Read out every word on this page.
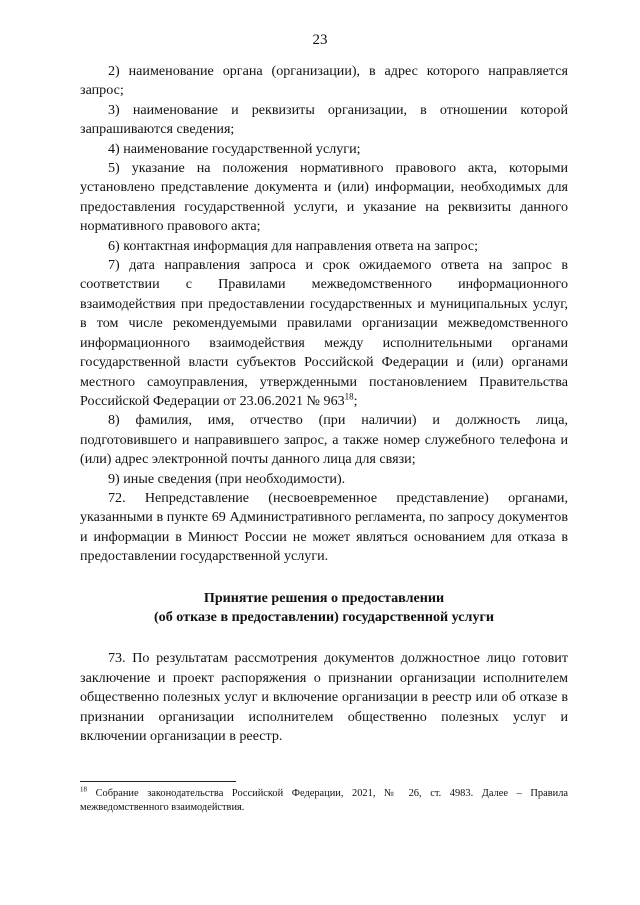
23

2) наименование органа (организации), в адрес которого направляется запрос;

3) наименование и реквизиты организации, в отношении которой запрашиваются сведения;

4) наименование государственной услуги;

5) указание на положения нормативного правового акта, которыми установлено представление документа и (или) информации, необходимых для предоставления государственной услуги, и указание на реквизиты данного нормативного правового акта;

6) контактная информация для направления ответа на запрос;

7) дата направления запроса и срок ожидаемого ответа на запрос в соответствии с Правилами межведомственного информационного взаимодействия при предоставлении государственных и муниципальных услуг, в том числе рекомендуемыми правилами организации межведомственного информационного взаимодействия между исполнительными органами государственной власти субъектов Российской Федерации и (или) органами местного самоуправления, утвержденными постановлением Правительства Российской Федерации от 23.06.2021 № $963^{18}$;

8) фамилия, имя, отчество (при наличии) и должность лица, подготовившего и направившего запрос, а также номер служебного телефона и (или) адрес электронной почты данного лица для связи;

9) иные сведения (при необходимости).

72. Непредставление (несвоевременное представление) органами, указанными в пункте 69 Административного регламента, по запросу документов и информации в Минюст России не может являться основанием для отказа в предоставлении государственной услуги.

Принятие решения о предоставлении
(об отказе в предоставлении) государственной услуги

73. По результатам рассмотрения документов должностное лицо готовит заключение и проект распоряжения о признании организации исполнителем общественно полезных услуг и включение организации в реестр или об отказе в признании организации исполнителем общественно полезных услуг и включении организации в реестр.

$^{18}$ Собрание законодательства Российской Федерации, 2021, № 26, ст. 4983. Далее – Правила межведомственного взаимодействия.
